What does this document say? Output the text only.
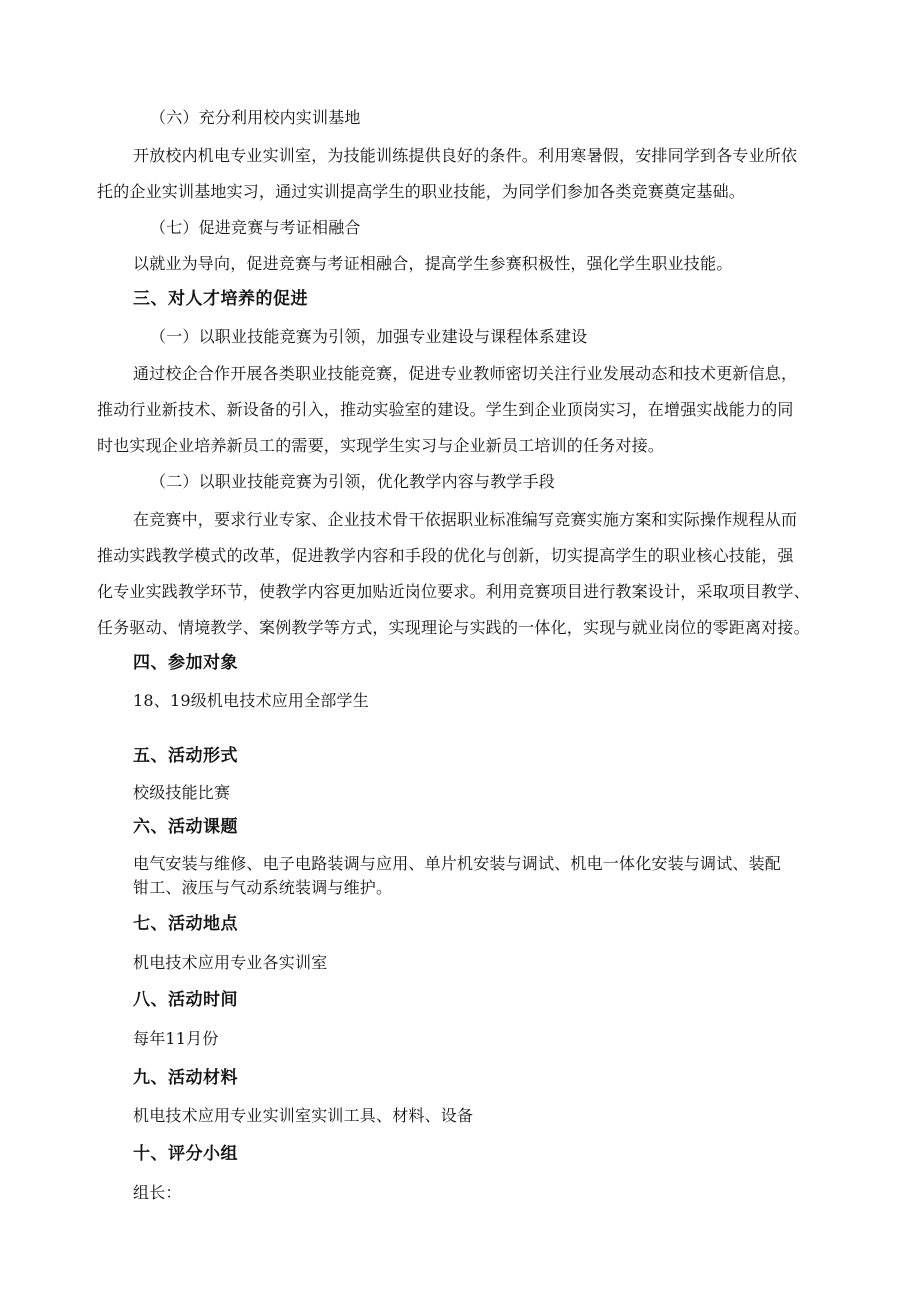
（六）充分利用校内实训基地
开放校内机电专业实训室，为技能训练提供良好的条件。利用寒暑假，安排同学到各专业所依
托的企业实训基地实习，通过实训提高学生的职业技能，为同学们参加各类竞赛奠定基础。
（七）促进竞赛与考证相融合
以就业为导向，促进竞赛与考证相融合，提高学生参赛积极性，强化学生职业技能。
三、对人才培养的促进
（一）以职业技能竞赛为引领，加强专业建设与课程体系建设
通过校企合作开展各类职业技能竞赛，促进专业教师密切关注行业发展动态和技术更新信息，
推动行业新技术、新设备的引入，推动实验室的建设。学生到企业顶岗实习，在增强实战能力的同
时也实现企业培养新员工的需要，实现学生实习与企业新员工培训的任务对接。
（二）以职业技能竞赛为引领，优化教学内容与教学手段
在竞赛中，要求行业专家、企业技术骨干依据职业标准编写竞赛实施方案和实际操作规程从而
推动实践教学模式的改革，促进教学内容和手段的优化与创新，切实提高学生的职业核心技能，强
化专业实践教学环节，使教学内容更加贴近岗位要求。利用竞赛项目进行教案设计，采取项目教学、
任务驱动、情境教学、案例教学等方式，实现理论与实践的一体化，实现与就业岗位的零距离对接。
四、参加对象
18、19级机电技术应用全部学生
五、活动形式
校级技能比赛
六、活动课题
电气安装与维修、电子电路装调与应用、单片机安装与调试、机电一体化安装与调试、装配
钳工、液压与气动系统装调与维护。
七、活动地点
机电技术应用专业各实训室
八、活动时间
每年11月份
九、活动材料
机电技术应用专业实训室实训工具、材料、设备
十、评分小组
组长：
